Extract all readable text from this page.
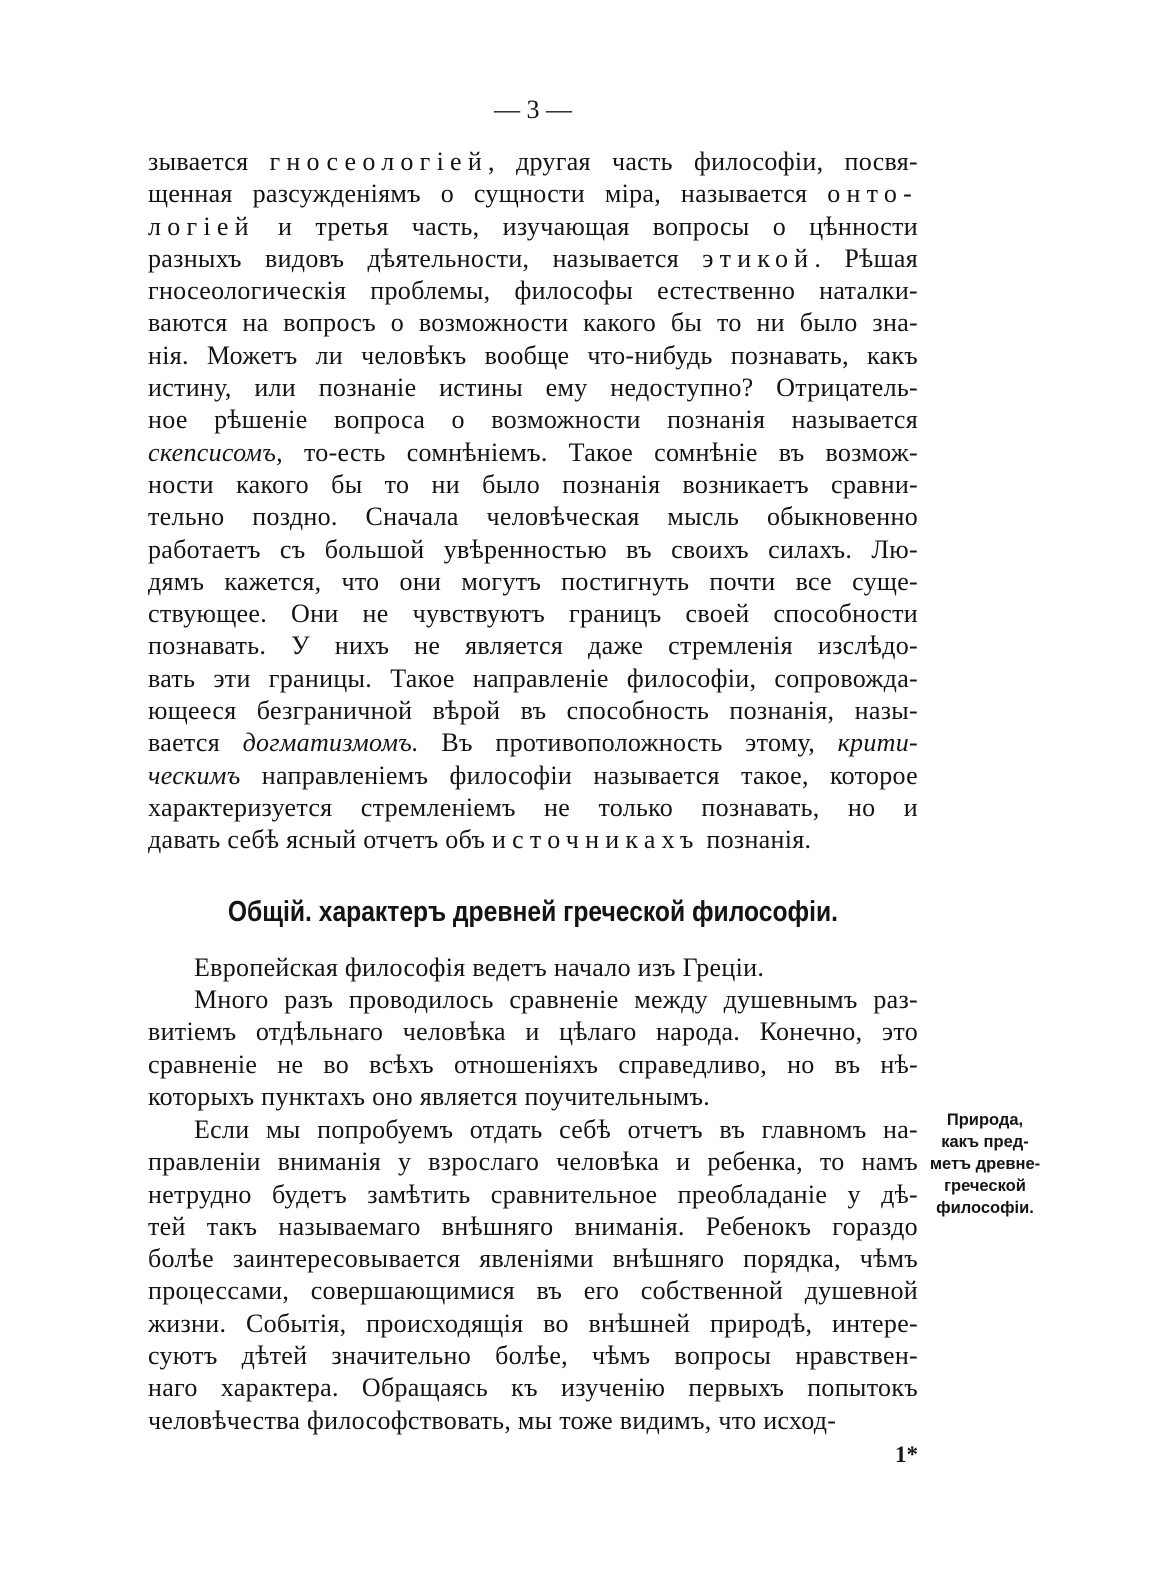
— 3 —
зывается гносеологіей, другая часть философіи, посвя-
щенная разсужденіямъ о сущности міра, называется онто-
логіей и третья часть, изучающая вопросы о цѣнности
разныхъ видовъ дѣятельности, называется этикой. Рѣшая
гносеологическія проблемы, философы естественно наталки-
ваются на вопросъ о возможности какого бы то ни было зна-
нія. Можетъ ли человѣкъ вообще что-нибудь познавать, какъ
истину, или познаніе истины ему недоступно? Отрицатель-
ное рѣшеніе вопроса о возможности познанія называется
скепсисомъ, то-есть сомнѣніемъ. Такое сомнѣніе въ возмож-
ности какого бы то ни было познанія возникаетъ сравни-
тельно поздно. Сначала человѣческая мысль обыкновенно
работаетъ съ большой увѣренностью въ своихъ силахъ. Лю-
дямъ кажется, что они могутъ постигнуть почти все суще-
ствующее. Они не чувствуютъ границъ своей способности
познавать. У нихъ не является даже стремленія изслѣдо-
вать эти границы. Такое направленіе философіи, сопровожда-
ющееся безграничной вѣрой въ способность познанія, назы-
вается догматизмомъ. Въ противоположность этому, крити-
ческимъ направленіемъ философіи называется такое, которое
характеризуется стремленіемъ не только познавать, но и
давать себѣ ясный отчетъ объ источникахъ познанія.
Общій. характеръ древней греческой философіи.
Европейская философія ведетъ начало изъ Греціи.
Много разъ проводилось сравненіе между душевнымъ раз-
витіемъ отдѣльнаго человѣка и цѣлаго народа. Конечно, это
сравненіе не во всѣхъ отношеніяхъ справедливо, но въ нѣ-
которыхъ пунктахъ оно является поучительнымъ.
Если мы попробуемъ отдать себѣ отчетъ въ главномъ на-
правленіи вниманія у взрослаго человѣка и ребенка, то намъ
нетрудно будетъ замѣтить сравнительное преобладаніе у дѣ-
тей такъ называемаго внѣшняго вниманія. Ребенокъ гораздо
болѣе заинтересовывается явленіями внѣшняго порядка, чѣмъ
процессами, совершающимися въ его собственной душевной
жизни. Событія, происходящія во внѣшней природѣ, интере-
суютъ дѣтей значительно болѣе, чѣмъ вопросы нравствен-
наго характера. Обращаясь къ изученію первыхъ попытокъ
человѣчества философствовать, мы тоже видимъ, что исход-
Природа,
какъ пред-
метъ древне-
греческой
философіи.
1*
